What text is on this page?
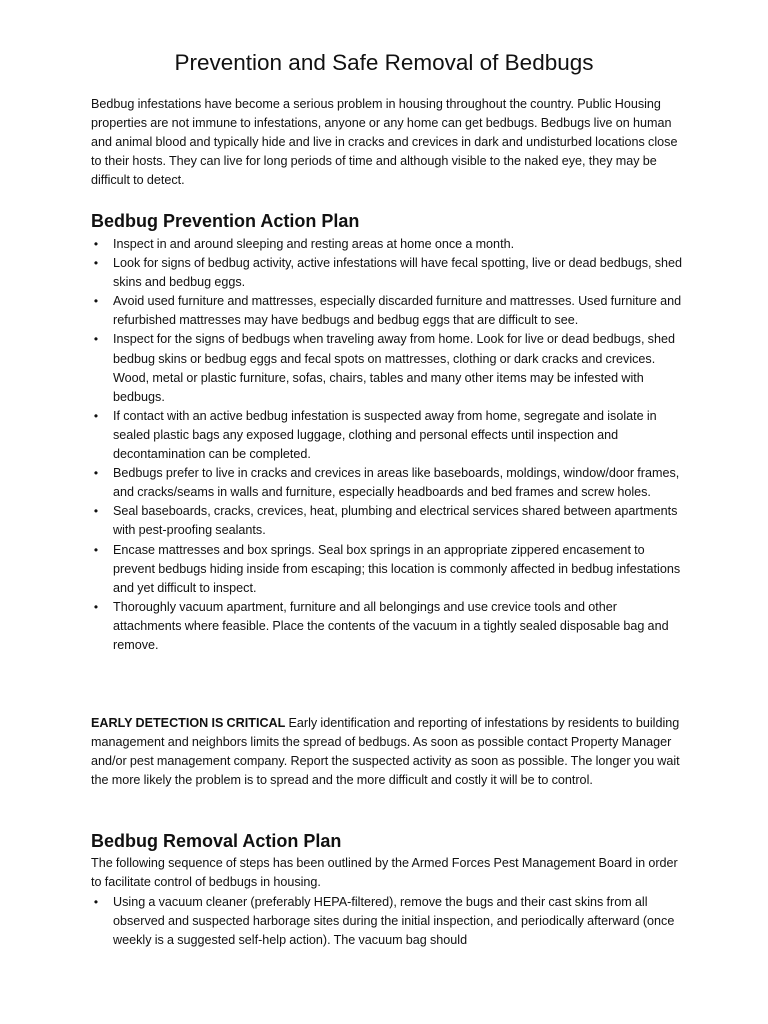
Prevention and Safe Removal of Bedbugs

Bedbug infestations have become a serious problem in housing throughout the country. Public Housing properties are not immune to infestations, anyone or any home can get bedbugs. Bedbugs live on human and animal blood and typically hide and live in cracks and crevices in dark and undisturbed locations close to their hosts. They can live for long periods of time and although visible to the naked eye, they may be difficult to detect.

Bedbug Prevention Action Plan
• Inspect in and around sleeping and resting areas at home once a month.
• Look for signs of bedbug activity, active infestations will have fecal spotting, live or dead bedbugs, shed skins and bedbug eggs.
• Avoid used furniture and mattresses, especially discarded furniture and mattresses. Used furniture and refurbished mattresses may have bedbugs and bedbug eggs that are difficult to see.
• Inspect for the signs of bedbugs when traveling away from home. Look for live or dead bedbugs, shed bedbug skins or bedbug eggs and fecal spots on mattresses, clothing or dark cracks and crevices. Wood, metal or plastic furniture, sofas, chairs, tables and many other items may be infested with bedbugs.
• If contact with an active bedbug infestation is suspected away from home, segregate and isolate in sealed plastic bags any exposed luggage, clothing and personal effects until inspection and decontamination can be completed.
• Bedbugs prefer to live in cracks and crevices in areas like baseboards, moldings, window/door frames, and cracks/seams in walls and furniture, especially headboards and bed frames and screw holes.
• Seal baseboards, cracks, crevices, heat, plumbing and electrical services shared between apartments with pest-proofing sealants.
• Encase mattresses and box springs. Seal box springs in an appropriate zippered encasement to prevent bedbugs hiding inside from escaping; this location is commonly affected in bedbug infestations and yet difficult to inspect.
• Thoroughly vacuum apartment, furniture and all belongings and use crevice tools and other attachments where feasible. Place the contents of the vacuum in a tightly sealed disposable bag and remove.

EARLY DETECTION IS CRITICAL Early identification and reporting of infestations by residents to building management and neighbors limits the spread of bedbugs. As soon as possible contact Property Manager and/or pest management company. Report the suspected activity as soon as possible. The longer you wait the more likely the problem is to spread and the more difficult and costly it will be to control.

Bedbug Removal Action Plan

The following sequence of steps has been outlined by the Armed Forces Pest Management Board in order to facilitate control of bedbugs in housing.

• Using a vacuum cleaner (preferably HEPA-filtered), remove the bugs and their cast skins from all observed and suspected harborage sites during the initial inspection, and periodically afterward (once weekly is a suggested self-help action). The vacuum bag should
